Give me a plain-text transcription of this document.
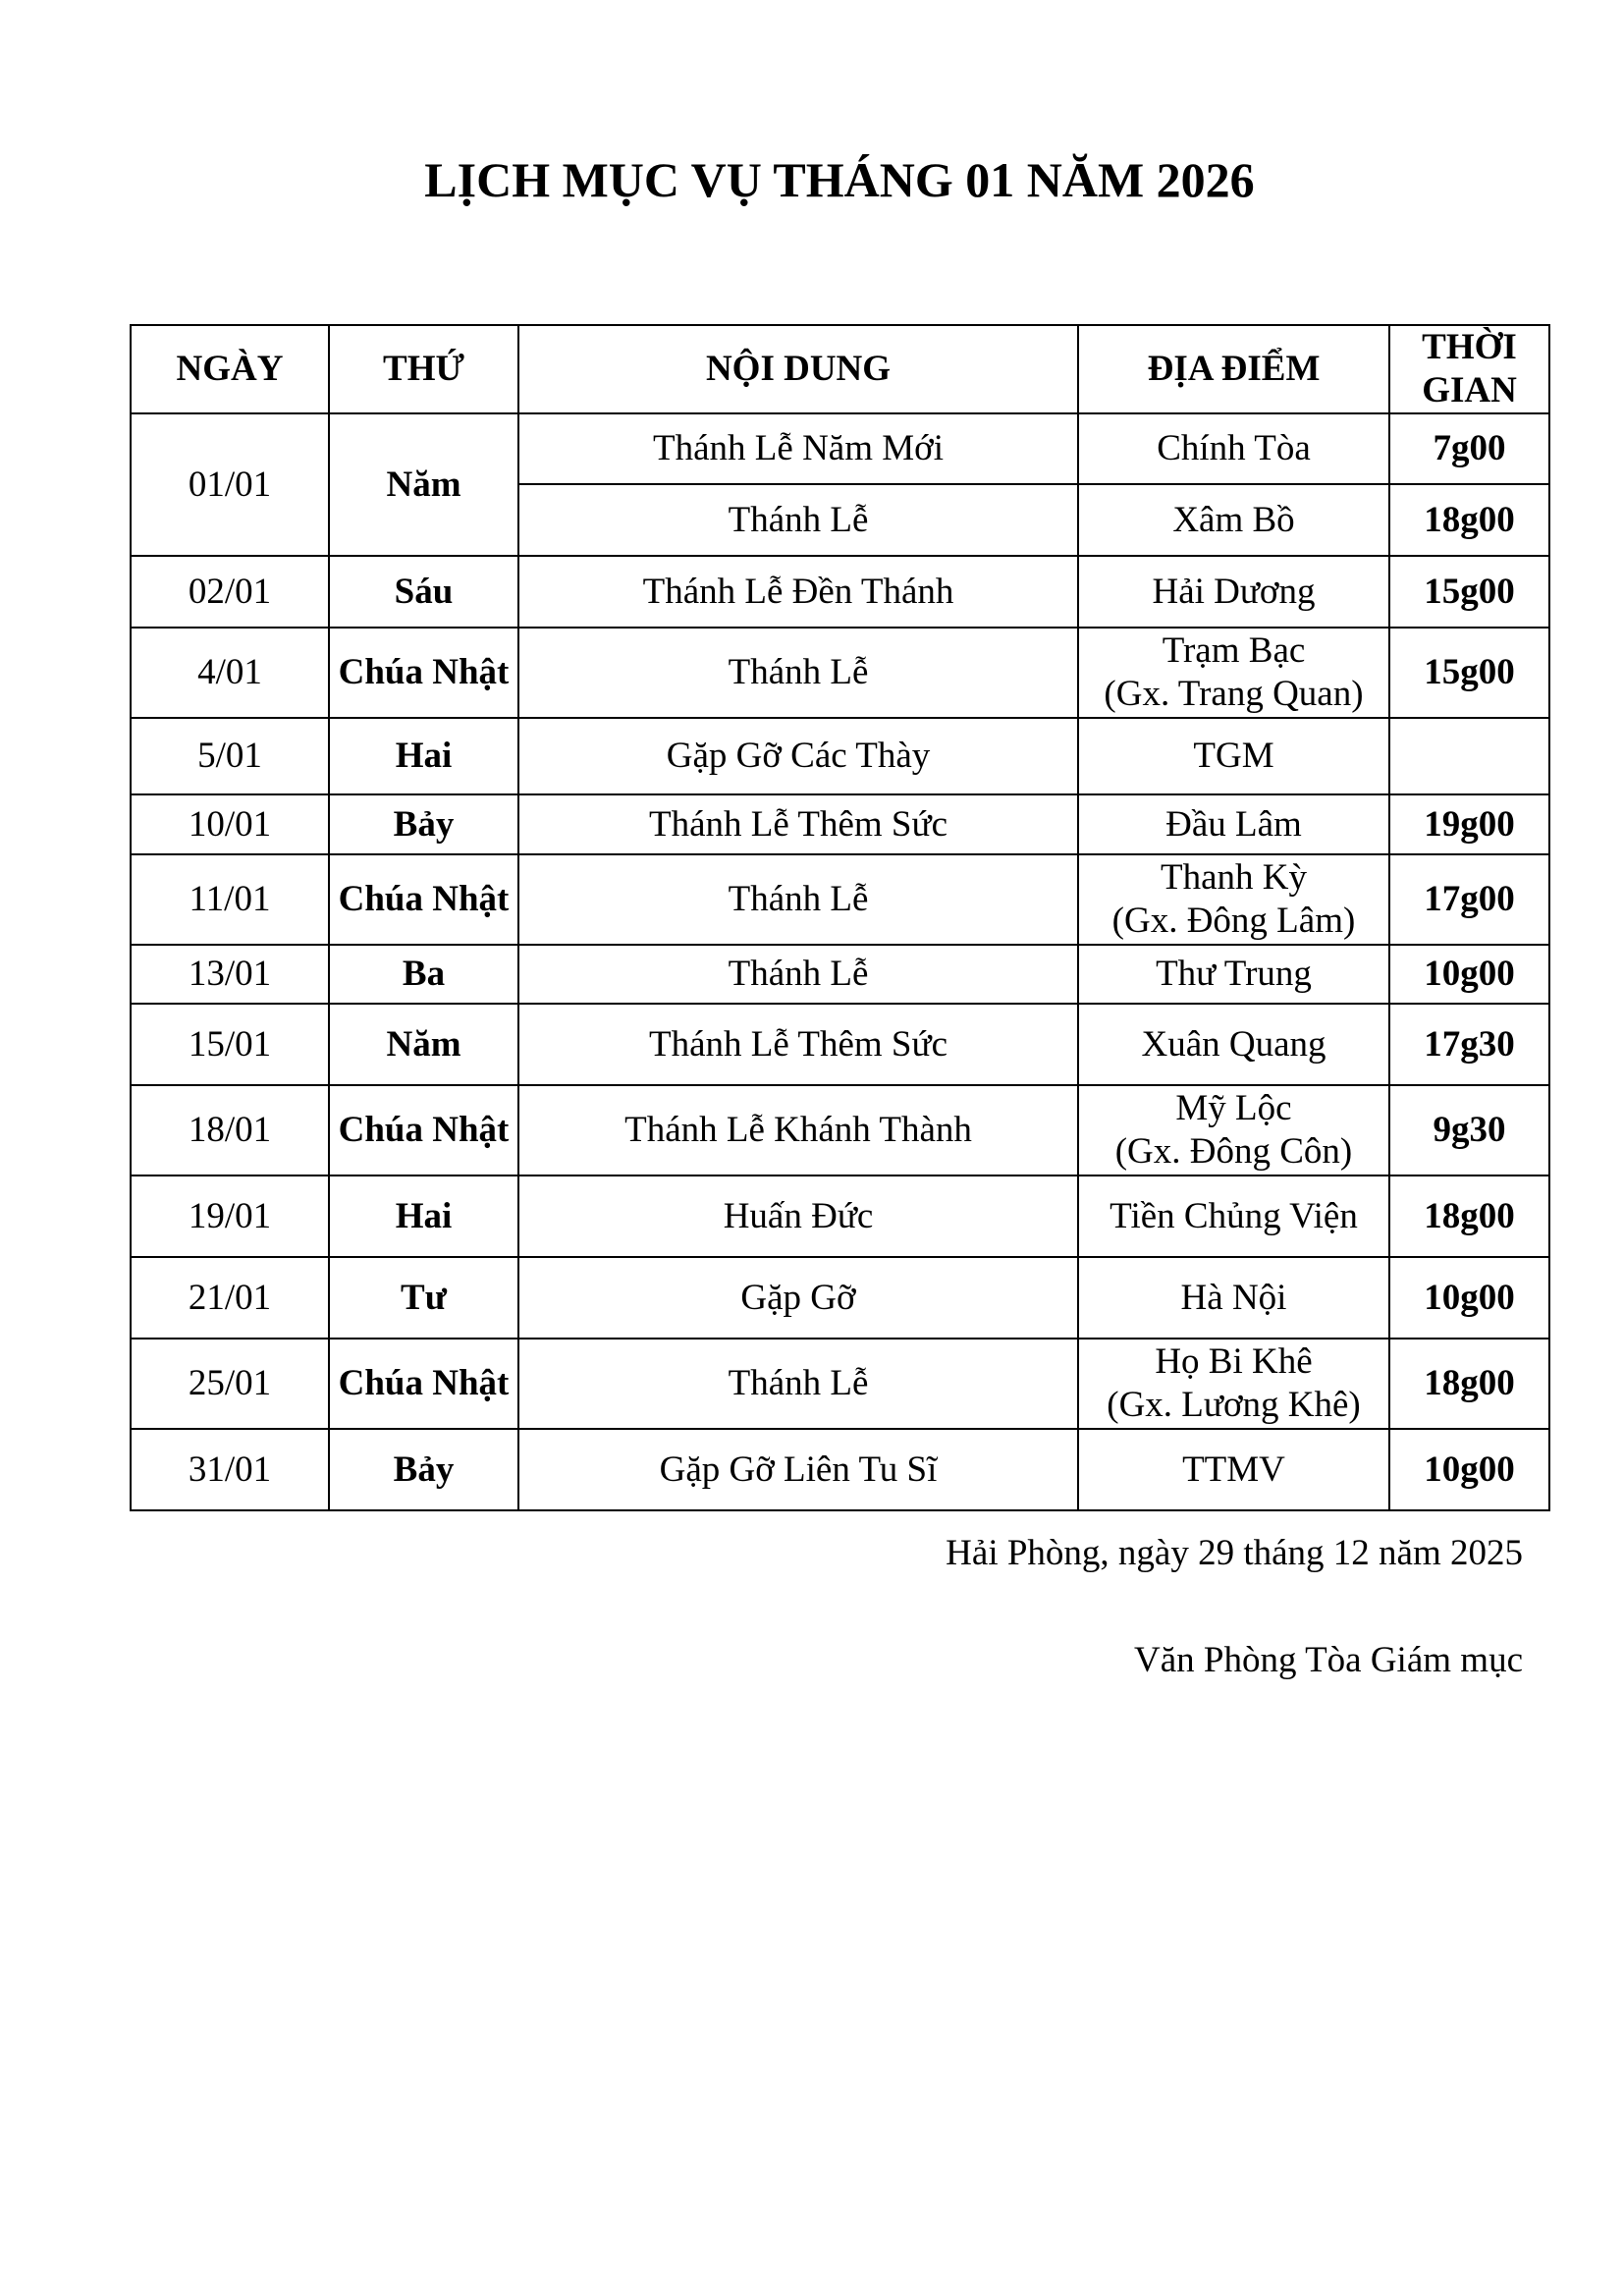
LỊCH MỤC VỤ THÁNG 01 NĂM 2026
NGÀY	THỨ	NỘI DUNG	ĐỊA ĐIỂM	THỜI
GIAN
01/01	Năm	Thánh Lễ Năm Mới	Chính Tòa	7g00
		Thánh Lễ	Xâm Bồ	18g00
02/01	Sáu	Thánh Lễ Đền Thánh	Hải Dương	15g00
4/01	Chúa Nhật	Thánh Lễ	Trạm Bạc
(Gx. Trang Quan)	15g00
5/01	Hai	Gặp Gỡ Các Thày	TGM	
10/01	Bảy	Thánh Lễ Thêm Sức	Đầu Lâm	19g00
11/01	Chúa Nhật	Thánh Lễ	Thanh Kỳ
(Gx. Đông Lâm)	17g00
13/01	Ba	Thánh Lễ	Thư Trung	10g00
15/01	Năm	Thánh Lễ Thêm Sức	Xuân Quang	17g30
18/01	Chúa Nhật	Thánh Lễ Khánh Thành	Mỹ Lộc
(Gx. Đông Côn)	9g30
19/01	Hai	Huấn Đức	Tiền Chủng Viện	18g00
21/01	Tư	Gặp Gỡ	Hà Nội	10g00
25/01	Chúa Nhật	Thánh Lễ	Họ Bi Khê
(Gx. Lương Khê)	18g00
31/01	Bảy	Gặp Gỡ Liên Tu Sĩ	TTMV	10g00
Hải Phòng, ngày 29 tháng 12 năm 2025
Văn Phòng Tòa Giám mục
